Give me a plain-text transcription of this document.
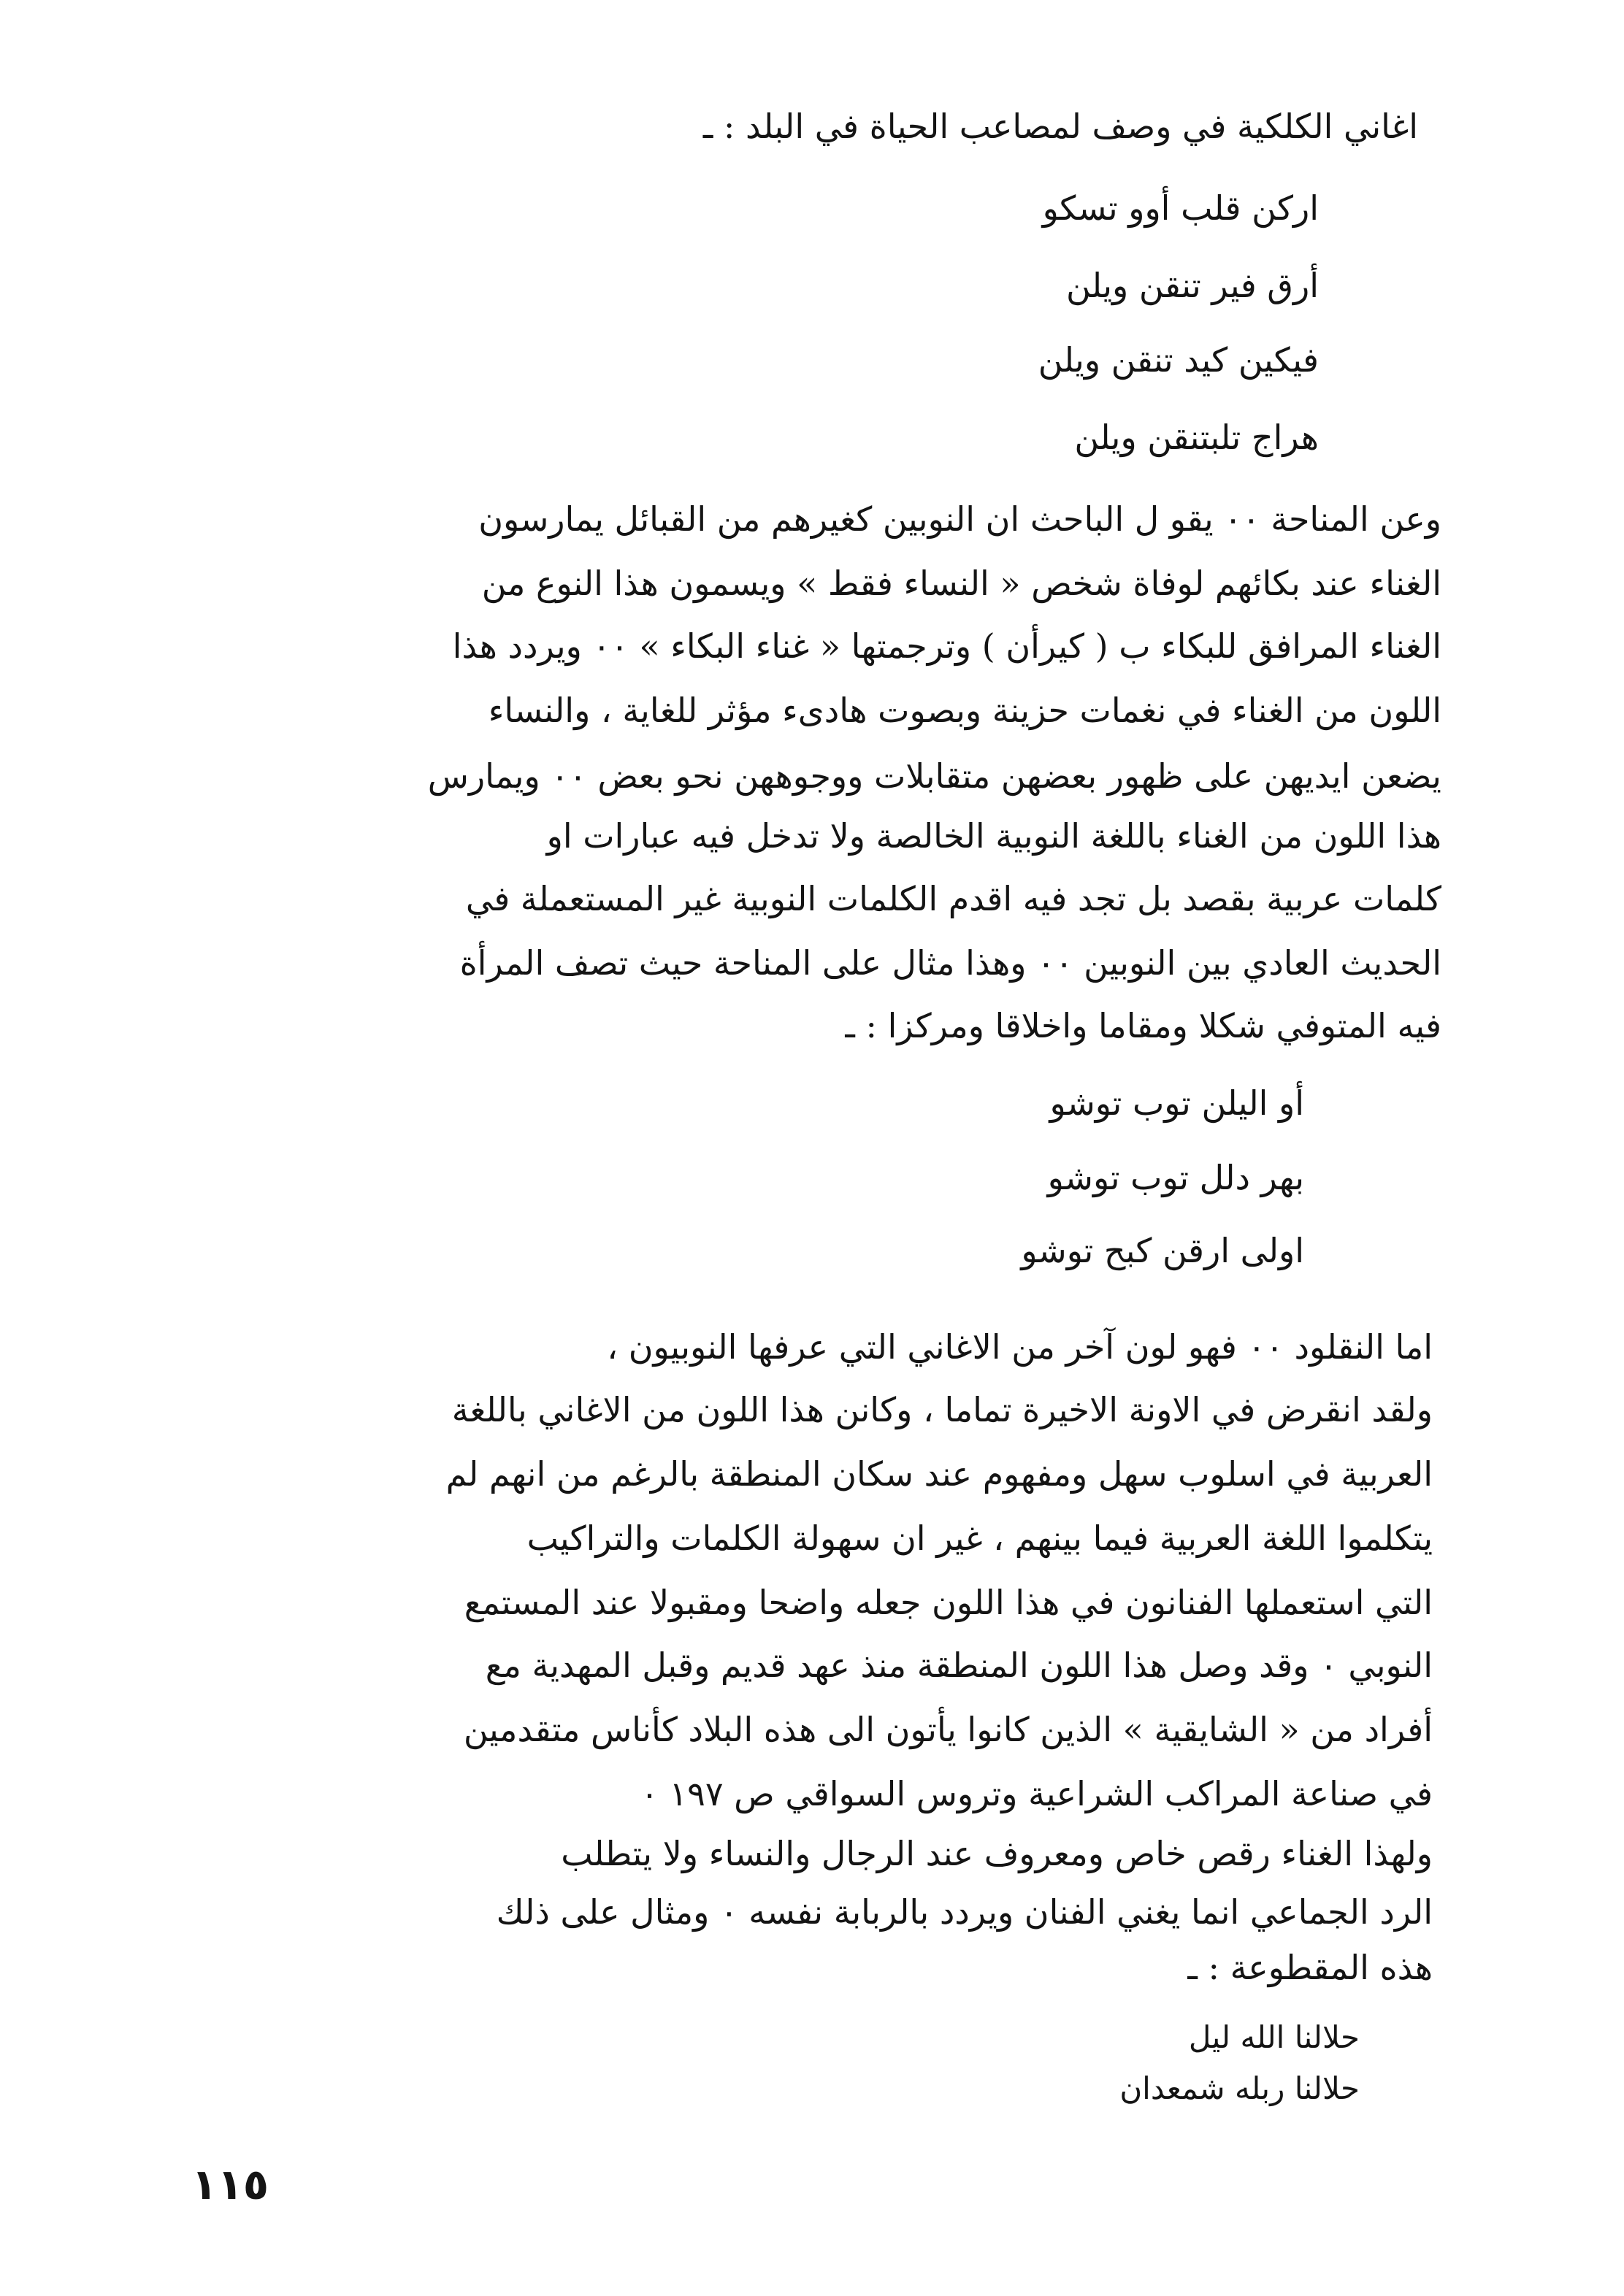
اغاني الكلكية في وصف لمصاعب الحياة في البلد : ـ
اركن قلب أوو تسكو
أرق فير تنقن ويلن
فيكين كيد تنقن ويلن
هراج تلبتنقن ويلن
وعن المناحة ٠٠ يقو ل الباحث ان النوبين كغيرهم من القبائل يمارسون
الغناء عند بكائهم لوفاة شخص « النساء فقط » ويسمون هذا النوع من
الغناء المرافق للبكاء ب ( كيرأن ) وترجمتها « غناء البكاء » ٠٠ ويردد هذا
اللون من الغناء في نغمات حزينة وبصوت هادىء مؤثر للغاية ، والنساء
يضعن ايديهن على ظهور بعضهن متقابلات ووجوههن نحو بعض ٠٠ ويمارس
هذا اللون من الغناء باللغة النوبية الخالصة ولا تدخل فيه عبارات او
كلمات عربية بقصد بل تجد فيه اقدم الكلمات النوبية غير المستعملة في
الحديث العادي بين النوبين ٠٠ وهذا مثال على المناحة حيث تصف المرأة
فيه المتوفي شكلا ومقاما واخلاقا ومركزا : ـ
أو اليلن توب توشو
بهر دلل توب توشو
اولى ارقن كبح توشو
اما النقلود ٠٠ فهو لون آخر من الاغاني التي عرفها النوبيون ،
ولقد انقرض في الاونة الاخيرة تماما ، وكانن هذا اللون من الاغاني باللغة
العربية في اسلوب سهل ومفهوم عند سكان المنطقة بالرغم من انهم لم
يتكلموا اللغة العربية فيما بينهم ، غير ان سهولة الكلمات والتراكيب
التي استعملها الفنانون في هذا اللون جعله واضحا ومقبولا عند المستمع
النوبي ٠ وقد وصل هذا اللون المنطقة منذ عهد قديم وقبل المهدية مع
أفراد من « الشايقية » الذين كانوا يأتون الى هذه البلاد كأناس متقدمين
في صناعة المراكب الشراعية وتروس السواقي ص ١٩٧ ٠
ولهذا الغناء رقص خاص ومعروف عند الرجال والنساء ولا يتطلب
الرد الجماعي انما يغني الفنان ويردد بالربابة نفسه ٠ ومثال على ذلك
هذه المقطوعة : ـ
حلالنا الله ليل
حلالنا ربله شمعدان
١١٥
